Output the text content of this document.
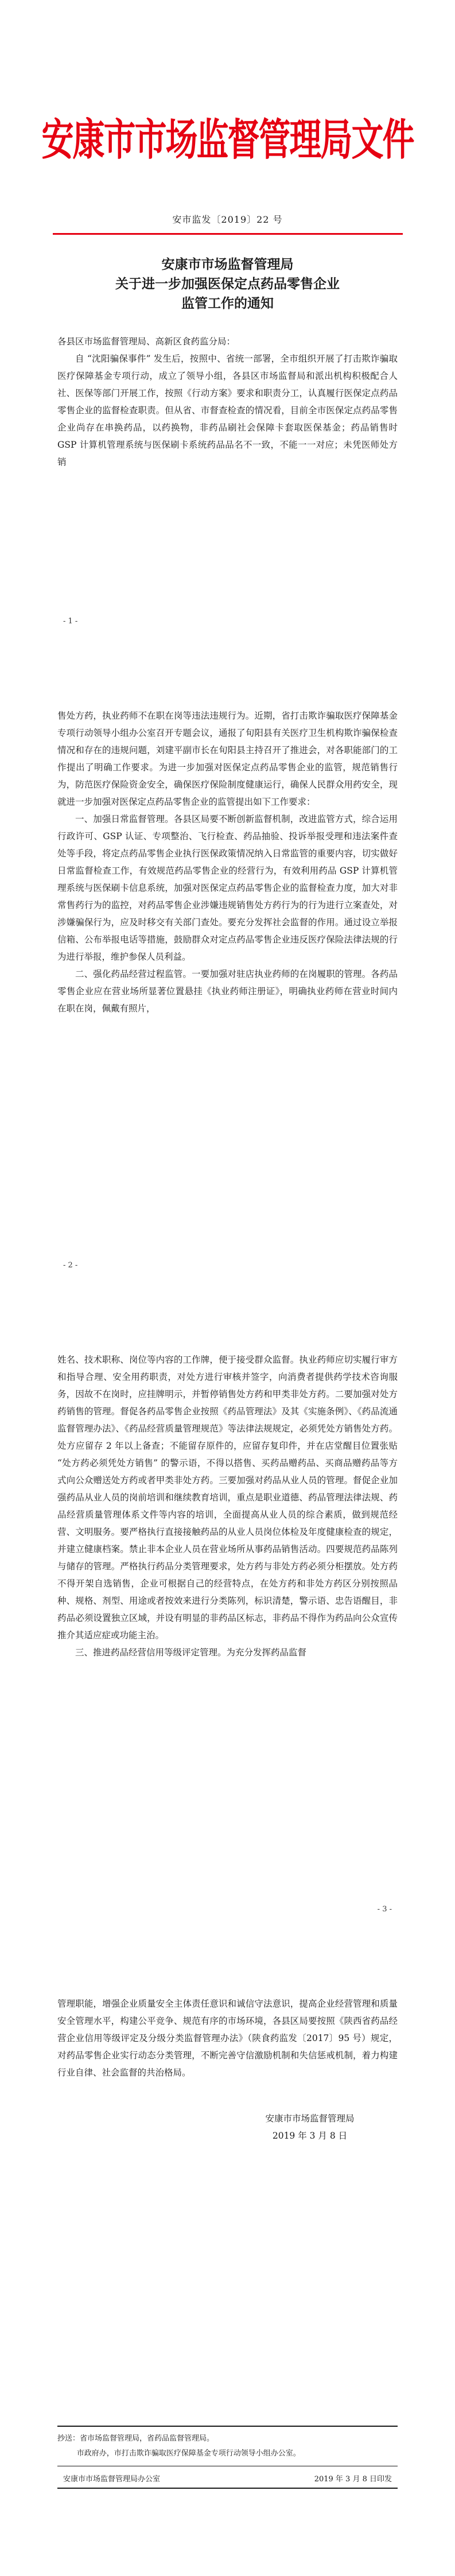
安康市市场监督管理局文件
安市监发〔2019〕22 号
安康市市场监督管理局
关于进一步加强医保定点药品零售企业
监管工作的通知

各县区市场监督管理局、高新区食药监分局：

自 “沈阳骗保事件” 发生后，按照中、省统一部署，全市组织开展了打击欺诈骗取医疗保障基金专项行动，成立了领导小组，各县区市场监督局和派出机构积极配合人社、医保等部门开展工作，按照《行动方案》要求和职责分工，认真履行医保定点药品零售企业的监督检查职责。但从省、市督查检查的情况看，目前全市医保定点药品零售企业尚存在串换药品，以药换物，非药品刷社会保障卡套取医保基金；药品销售时 GSP 计算机管理系统与医保刷卡系统药品品名不一致，不能一一对应；未凭医师处方销

- 1 -

售处方药，执业药师不在职在岗等违法违规行为。近期，省打击欺诈骗取医疗保障基金专项行动领导小组办公室召开专题会议，通报了旬阳县有关医疗卫生机构欺诈骗保检查情况和存在的违规问题，刘建平副市长在旬阳县主持召开了推进会，对各职能部门的工作提出了明确工作要求。为进一步加强对医保定点药品零售企业的监管，规范销售行为，防范医疗保险资金安全，确保医疗保险制度健康运行，确保人民群众用药安全，现就进一步加强对医保定点药品零售企业的监管提出如下工作要求：

一、加强日常监督管理。各县区局要不断创新监督机制，改进监管方式，综合运用行政许可、GSP 认证、专项整治、飞行检查、药品抽验、投诉举报受理和违法案件查处等手段，将定点药品零售企业执行医保政策情况纳入日常监管的重要内容，切实做好日常监督检查工作，有效规范药品零售企业的经营行为，有效利用药品 GSP 计算机管理系统与医保刷卡信息系统，加强对医保定点药品零售企业的监督检查力度，加大对非常售药行为的监控，对药品零售企业涉嫌违规销售处方药行为的行为进行立案查处，对涉嫌骗保行为，应及时移交有关部门查处。要充分发挥社会监督的作用。通过设立举报信箱、公布举报电话等措施，鼓励群众对定点药品零售企业违反医疗保险法律法规的行为进行举报，维护参保人员利益。

二、强化药品经营过程监管。一要加强对驻店执业药师的在岗履职的管理。各药品零售企业应在营业场所显著位置悬挂《执业药师注册证》，明确执业药师在营业时间内在职在岗，佩戴有照片，

- 2 -

姓名、技术职称、岗位等内容的工作牌，便于接受群众监督。执业药师应切实履行审方和指导合理、安全用药职责，对处方进行审核并签字，向消费者提供药学技术咨询服务，因故不在岗时，应挂牌明示，并暂停销售处方药和甲类非处方药。二要加强对处方药销售的管理。督促各药品零售企业按照《药品管理法》及其《实施条例》、《药品流通监督管理办法》、《药品经营质量管理规范》等法律法规规定，必须凭处方销售处方药。处方应留存 2 年以上备查；不能留存原件的，应留存复印件，并在店堂醒目位置张贴 “处方药必须凭处方销售” 的警示语，不得以搭售、买药品赠药品、买商品赠药品等方式向公众赠送处方药或者甲类非处方药。三要加强对药品从业人员的管理。督促企业加强药品从业人员的岗前培训和继续教育培训，重点是职业道德、药品管理法律法规、药品经营质量管理体系文件等内容的培训，全面提高从业人员的综合素质，做到规范经营、文明服务。要严格执行直接接触药品的从业人员岗位体检及年度健康检查的规定，并建立健康档案。禁止非本企业人员在营业场所从事药品销售活动。四要规范药品陈列与储存的管理。严格执行药品分类管理要求，处方药与非处方药必须分柜摆放。处方药不得开架自选销售，企业可根据自己的经营特点，在处方药和非处方药区分别按照品种、规格、剂型、用途或者按效来进行分类陈列，标识清楚，警示语、忠告语醒目，非药品必须设置独立区域，并设有明显的非药品区标志，非药品不得作为药品向公众宣传推介其适应症或功能主治。

三、推进药品经营信用等级评定管理。为充分发挥药品监督

- 3 -

管理职能，增强企业质量安全主体责任意识和诚信守法意识，提高企业经营管理和质量安全管理水平，构建公平竞争、规范有序的市场环境，各县区局要按照《陕西省药品经营企业信用等级评定及分级分类监督管理办法》（陕食药监发〔2017〕95 号）规定，对药品零售企业实行动态分类管理，不断完善守信激励机制和失信惩戒机制，着力构建行业自律、社会监督的共治格局。

安康市市场监督管理局
2019 年 3 月 8 日
抄送：省市场监督管理局，省药品监督管理局。
市政府办，市打击欺诈骗取医疗保障基金专项行动领导小组办公室。
安康市市场监督管理局办公室	2019 年 3 月 8 日印发
